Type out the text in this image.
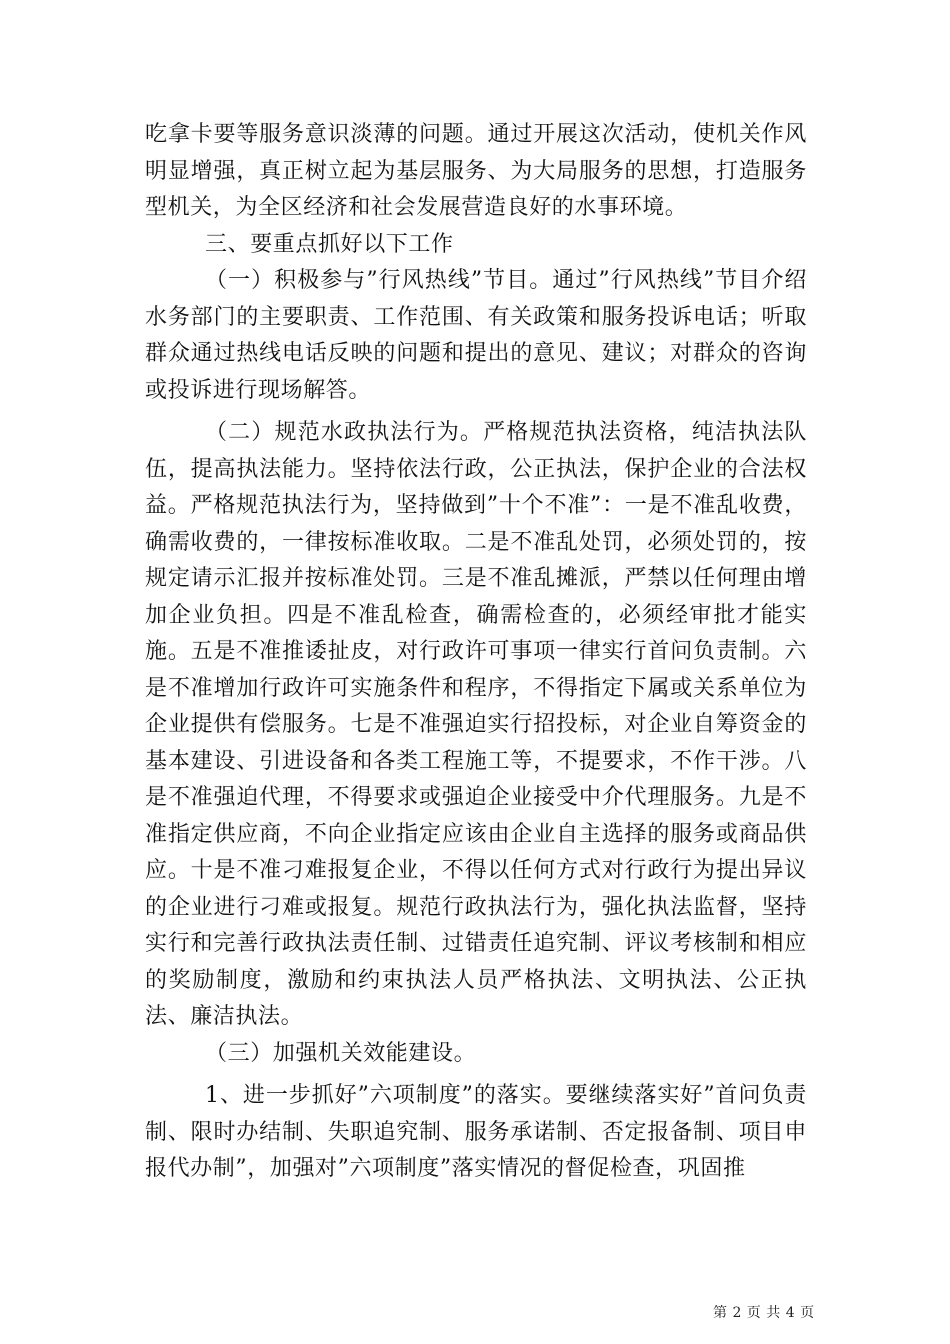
吃拿卡要等服务意识淡薄的问题。通过开展这次活动，使机关作风明显增强，真正树立起为基层服务、为大局服务的思想，打造服务型机关，为全区经济和社会发展营造良好的水事环境。

三、要重点抓好以下工作

（一）积极参与”行风热线”节目。通过”行风热线”节目介绍水务部门的主要职责、工作范围、有关政策和服务投诉电话；听取群众通过热线电话反映的问题和提出的意见、建议；对群众的咨询或投诉进行现场解答。

（二）规范水政执法行为。严格规范执法资格，纯洁执法队伍，提高执法能力。坚持依法行政，公正执法，保护企业的合法权益。严格规范执法行为，坚持做到”十个不准”：一是不准乱收费，确需收费的，一律按标准收取。二是不准乱处罚，必须处罚的，按规定请示汇报并按标准处罚。三是不准乱摊派，严禁以任何理由增加企业负担。四是不准乱检查，确需检查的，必须经审批才能实施。五是不准推诿扯皮，对行政许可事项一律实行首问负责制。六是不准增加行政许可实施条件和程序，不得指定下属或关系单位为企业提供有偿服务。七是不准强迫实行招投标，对企业自筹资金的基本建设、引进设备和各类工程施工等，不提要求，不作干涉。八是不准强迫代理，不得要求或强迫企业接受中介代理服务。九是不准指定供应商，不向企业指定应该由企业自主选择的服务或商品供应。十是不准刁难报复企业，不得以任何方式对行政行为提出异议的企业进行刁难或报复。规范行政执法行为，强化执法监督，坚持实行和完善行政执法责任制、过错责任追究制、评议考核制和相应的奖励制度，激励和约束执法人员严格执法、文明执法、公正执法、廉洁执法。

（三）加强机关效能建设。

1、进一步抓好”六项制度”的落实。要继续落实好”首问负责制、限时办结制、失职追究制、服务承诺制、否定报备制、项目申报代办制”，加强对”六项制度”落实情况的督促检查，巩固推

第 2 页 共 4 页
